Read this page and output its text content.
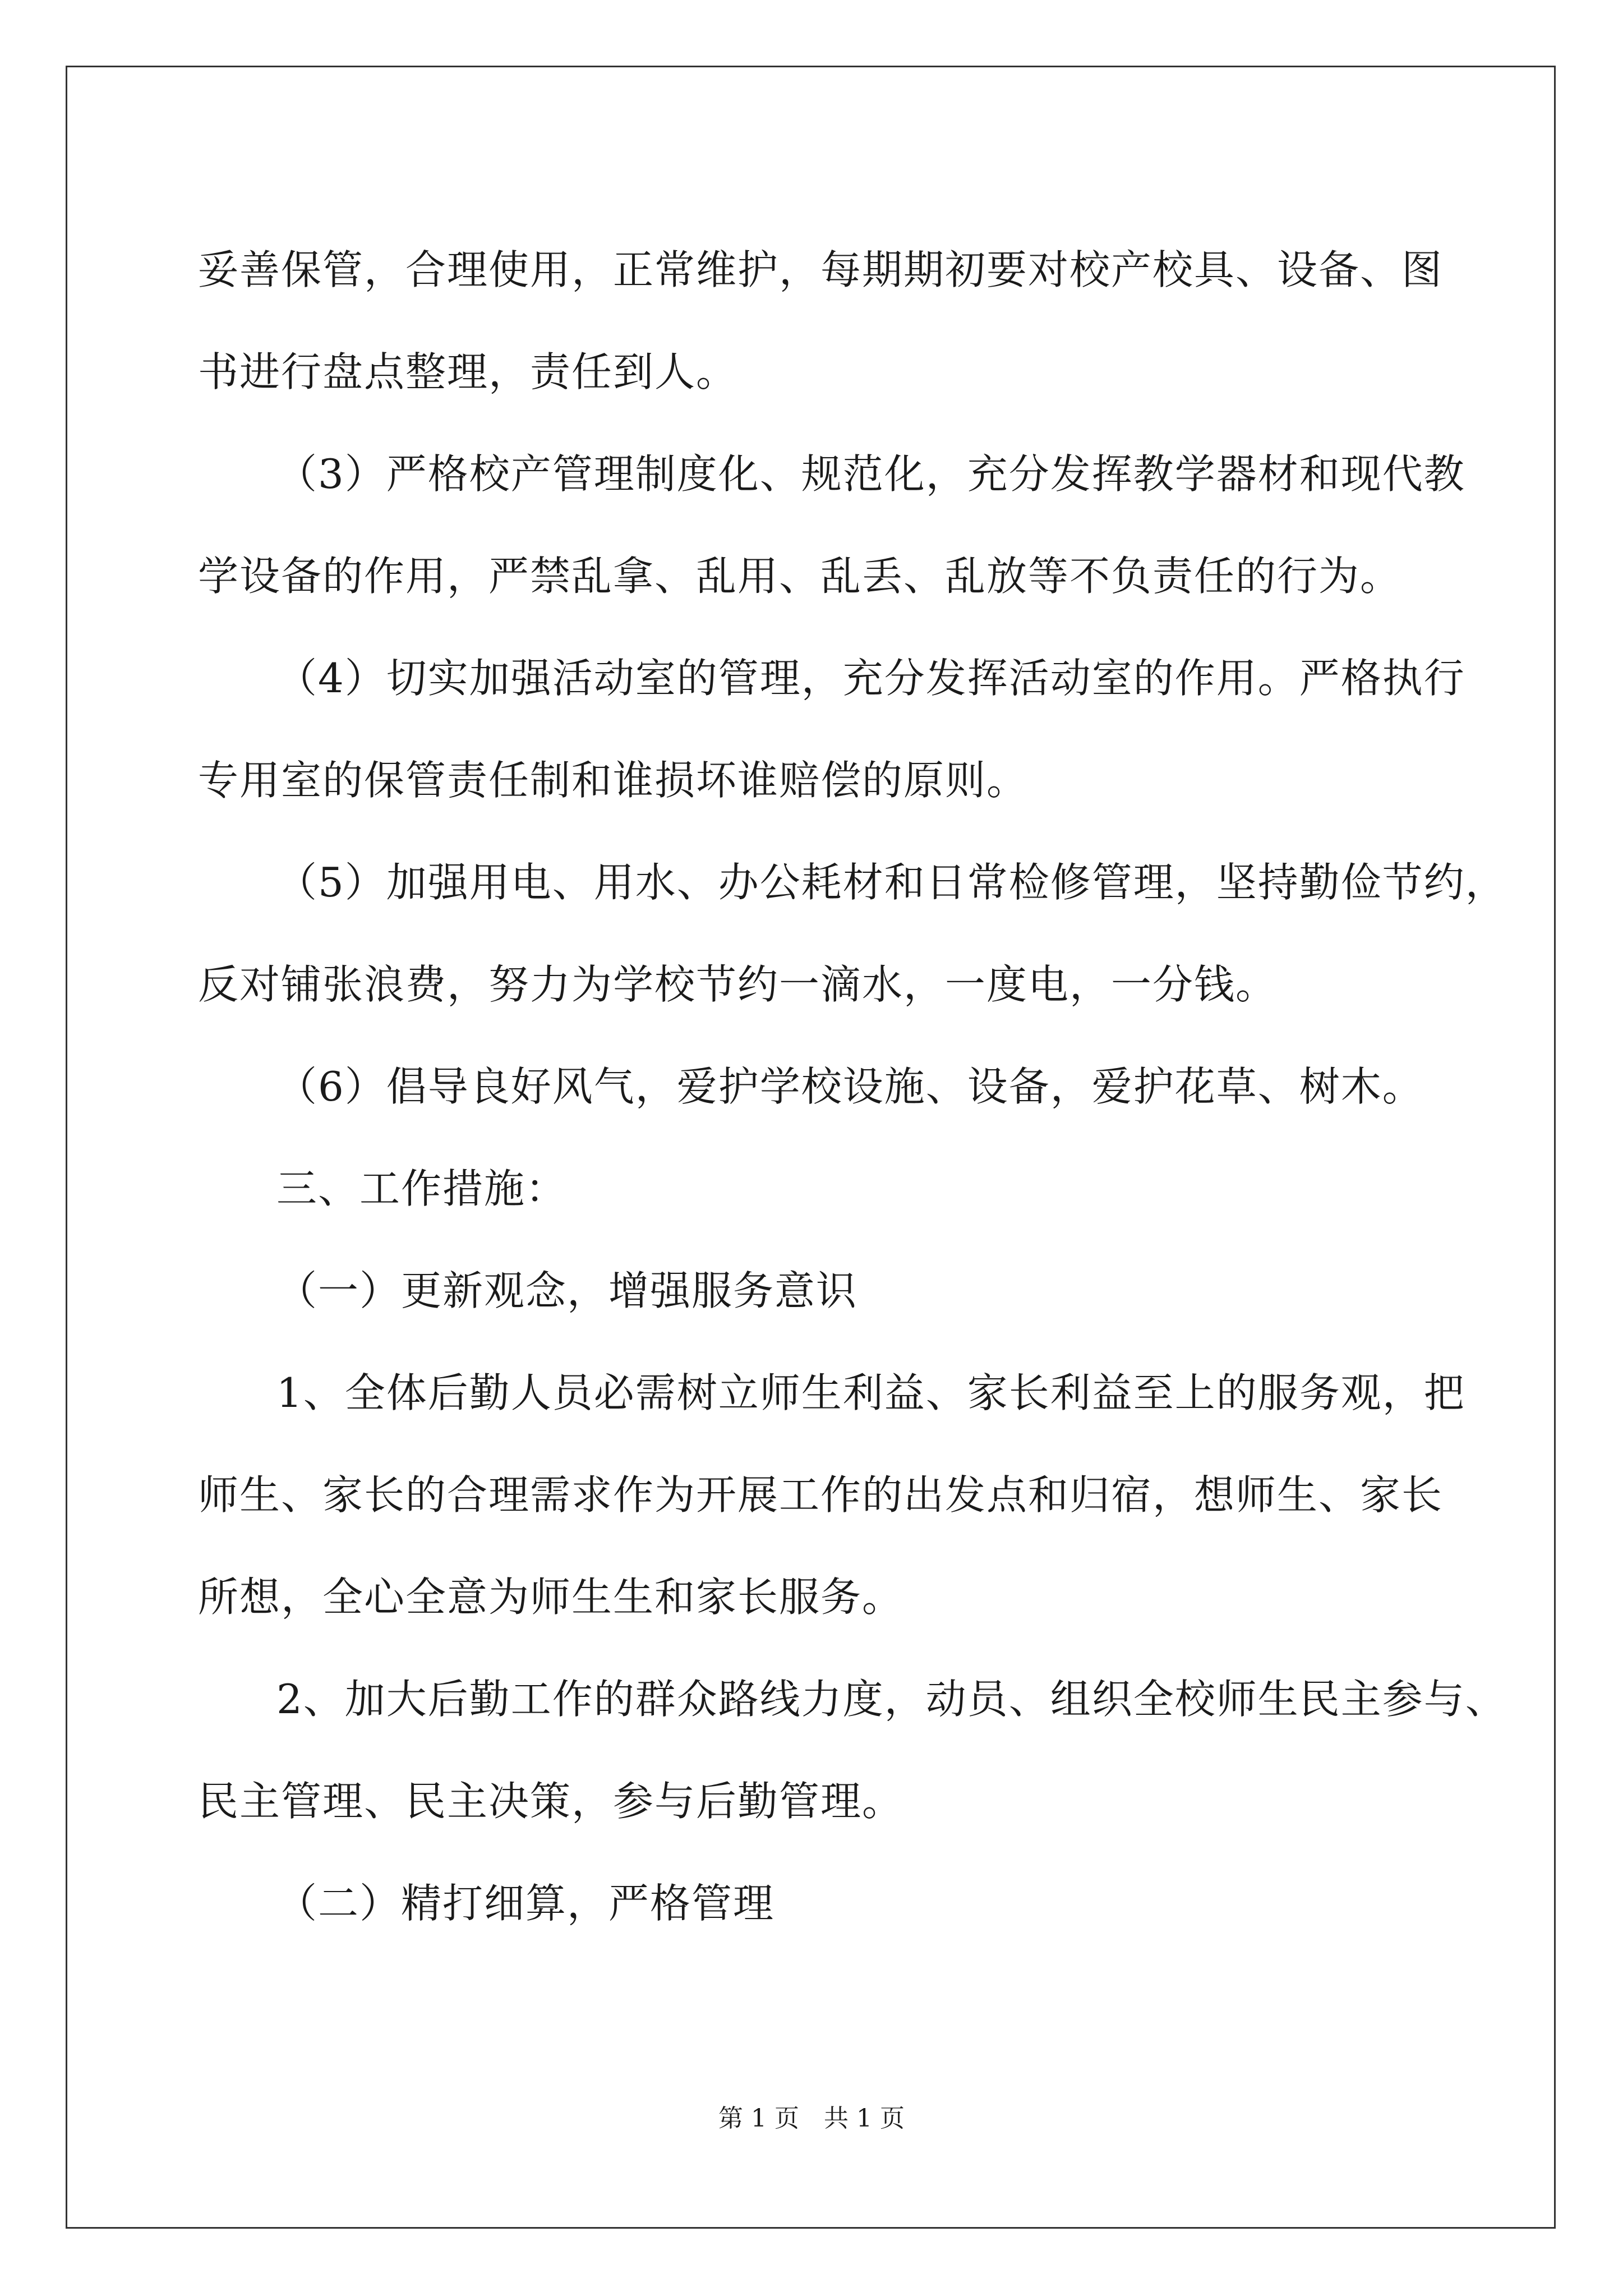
妥善保管，合理使用，正常维护，每期期初要对校产校具、设备、图
书进行盘点整理，责任到人。

（3）严格校产管理制度化、规范化，充分发挥教学器材和现代教
学设备的作用，严禁乱拿、乱用、乱丢、乱放等不负责任的行为。

（4）切实加强活动室的管理，充分发挥活动室的作用。严格执行
专用室的保管责任制和谁损坏谁赔偿的原则。

（5）加强用电、用水、办公耗材和日常检修管理，坚持勤俭节约，
反对铺张浪费，努力为学校节约一滴水，一度电，一分钱。

（6）倡导良好风气，爱护学校设施、设备，爱护花草、树木。

三、工作措施：

（一）更新观念，增强服务意识

1、全体后勤人员必需树立师生利益、家长利益至上的服务观，把
师生、家长的合理需求作为开展工作的出发点和归宿，想师生、家长
所想，全心全意为师生生和家长服务。

2、加大后勤工作的群众路线力度，动员、组织全校师生民主参与、
民主管理、民主决策，参与后勤管理。

（二）精打细算，严格管理

第 1 页　共 1 页
